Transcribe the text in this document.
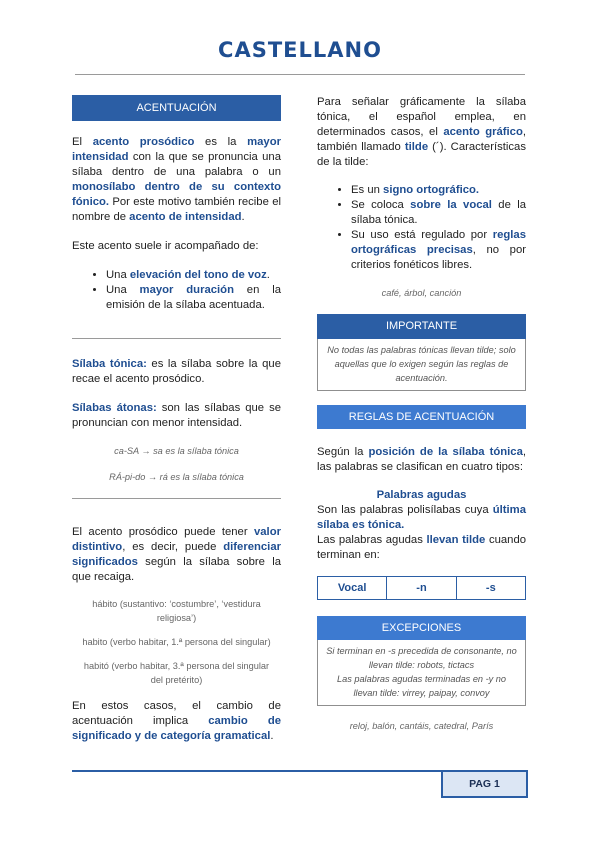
CASTELLANO
ACENTUACIÓN

El acento prosódico es la mayor intensidad con la que se pronuncia una sílaba dentro de una palabra o un monosílabo dentro de su contexto fónico. Por este motivo también recibe el nombre de acento de intensidad.

Este acento suele ir acompañado de:

• Una elevación del tono de voz.
• Una mayor duración en la emisión de la sílaba acentuada.

Sílaba tónica: es la sílaba sobre la que recae el acento prosódico.

Sílabas átonas: son las sílabas que se pronuncian con menor intensidad.

ca-SA → sa es la sílaba tónica
RÁ-pi-do → rá es la sílaba tónica

El acento prosódico puede tener valor distintivo, es decir, puede diferenciar significados según la sílaba sobre la que recaiga.

hábito (sustantivo: ‘costumbre’, ‘vestidura religiosa’)
habito (verbo habitar, 1.ª persona del singular)
habitó (verbo habitar, 3.ª persona del singular del pretérito)

En estos casos, el cambio de acentuación implica cambio de significado y de categoría gramatical.

Para señalar gráficamente la sílaba tónica, el español emplea, en determinados casos, el acento gráfico, también llamado tilde (´). Características de la tilde:

• Es un signo ortográfico.
• Se coloca sobre la vocal de la sílaba tónica.
• Su uso está regulado por reglas ortográficas precisas, no por criterios fonéticos libres.
café, árbol, canción
IMPORTANTE
No todas las palabras tónicas llevan tilde; solo aquellas que lo exigen según las reglas de acentuación.
REGLAS DE ACENTUACIÓN

Según la posición de la sílaba tónica, las palabras se clasifican en cuatro tipos:

Palabras agudas

Son las palabras polisílabas cuya última sílaba es tónica.

Las palabras agudas llevan tilde cuando terminan en:

Vocal	-n	-s
EXCEPCIONES
Si terminan en -s precedida de consonante, no llevan tilde: robots, tictacs
Las palabras agudas terminadas en -y no llevan tilde: virrey, paipay, convoy
reloj, balón, cantáis, catedral, París
PAG 1
